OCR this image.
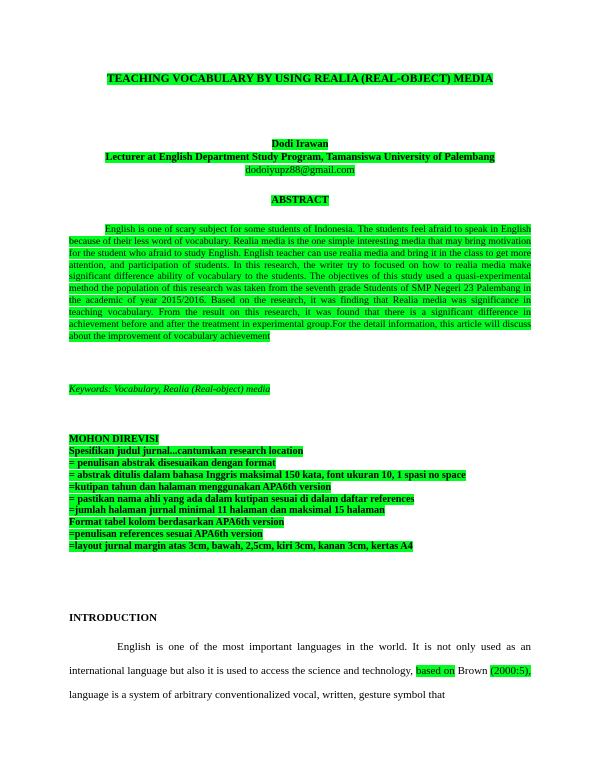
TEACHING VOCABULARY BY USING REALIA (REAL-OBJECT) MEDIA
Dodi Irawan
Lecturer at English Department Study Program, Tamansiswa University of Palembang
dodoiyupz88@gmail.com
ABSTRACT

English is one of scary subject for some students of Indonesia. The students feel afraid to speak in English because of their less word of vocabulary. Realia media is the one simple interesting media that may bring motivation for the student who afraid to study English. English teacher can use realia media and bring it in the class to get more attention, and participation of students. In this research, the writer try to focused on how to realia media make significant difference ability of vocabulary to the students. The objectives of this study used a quasi-experimental method the population of this research was taken from the seventh grade Students of SMP Negeri 23 Palembang in the academic of year 2015/2016. Based on the research, it was finding that Realia media was significance in teaching vocabulary. From the result on this research, it was found that there is a significant difference in achievement before and after the treatment in experimental group.For the detail information, this article will discuss about the improvement of vocabulary achievement

Keywords: Vocabulary, Realia (Real-object) media
MOHON DIREVISI
Spesifikan judul jurnal...cantumkan research location
= penulisan abstrak disesuaikan dengan format
= abstrak ditulis dalam bahasa Inggris maksimal 150 kata, font ukuran 10, 1 spasi no space
=kutipan tahun dan halaman menggunakan APA6th version
= pastikan nama ahli yang ada dalam kutipan sesuai di dalam daftar references
=jumlah halaman jurnal minimal 11 halaman dan maksimal 15 halaman
Format tabel kolom berdasarkan APA6th version
=penulisan references sesuai APA6th version
=layout jurnal margin atas 3cm, bawah, 2,5cm, kiri 3cm, kanan 3cm, kertas A4
INTRODUCTION

English is one of the most important languages in the world. It is not only used as an international language but also it is used to access the science and technology, based on Brown (2000:5), language is a system of arbitrary conventionalized vocal, written, gesture symbol that
